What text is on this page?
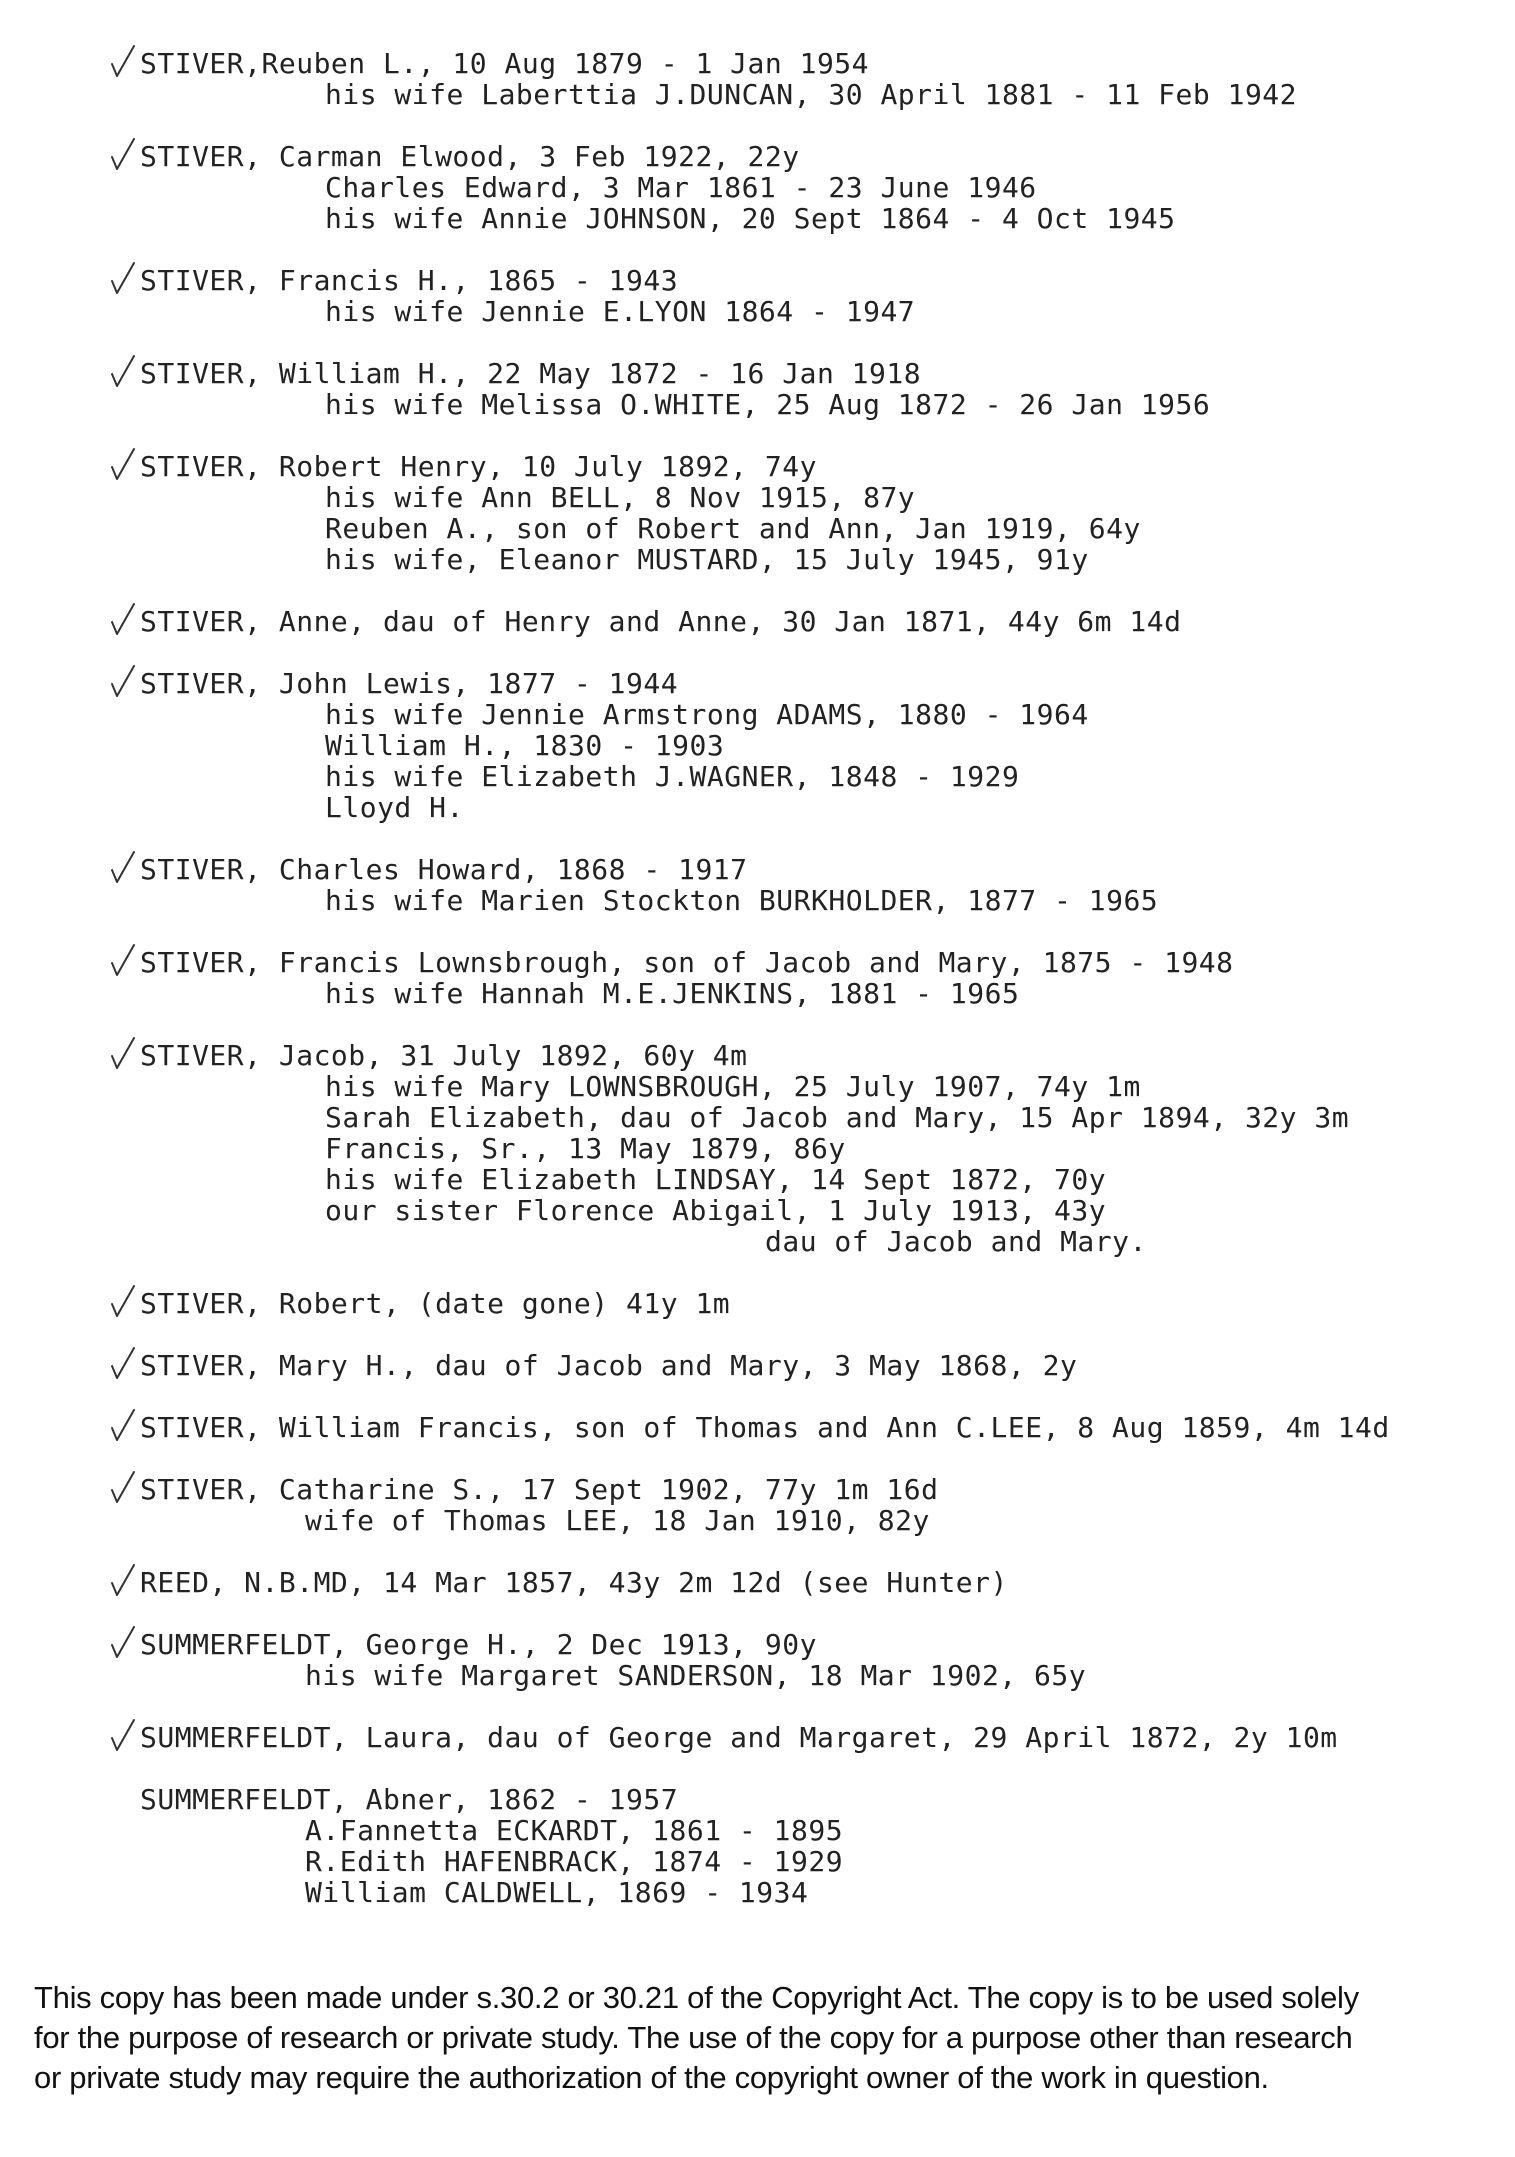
STIVER,Reuben L., 10 Aug 1879 - 1 Jan 1954
his wife Laberttia J.DUNCAN, 30 April 1881 - 11 Feb 1942
STIVER, Carman Elwood, 3 Feb 1922, 22y
Charles Edward, 3 Mar 1861 - 23 June 1946
his wife Annie JOHNSON, 20 Sept 1864 - 4 Oct 1945
STIVER, Francis H., 1865 - 1943
his wife Jennie E.LYON 1864 - 1947
STIVER, William H., 22 May 1872 - 16 Jan 1918
his wife Melissa O.WHITE, 25 Aug 1872 - 26 Jan 1956
STIVER, Robert Henry, 10 July 1892, 74y
his wife Ann BELL, 8 Nov 1915, 87y
Reuben A., son of Robert and Ann, Jan 1919, 64y
his wife, Eleanor MUSTARD, 15 July 1945, 91y
STIVER, Anne, dau of Henry and Anne, 30 Jan 1871, 44y 6m 14d
STIVER, John Lewis, 1877 - 1944
his wife Jennie Armstrong ADAMS, 1880 - 1964
William H., 1830 - 1903
his wife Elizabeth J.WAGNER, 1848 - 1929
Lloyd H.
STIVER, Charles Howard, 1868 - 1917
his wife Marien Stockton BURKHOLDER, 1877 - 1965
STIVER, Francis Lownsbrough, son of Jacob and Mary, 1875 - 1948
his wife Hannah M.E.JENKINS, 1881 - 1965
STIVER, Jacob, 31 July 1892, 60y 4m
his wife Mary LOWNSBROUGH, 25 July 1907, 74y 1m
Sarah Elizabeth, dau of Jacob and Mary, 15 Apr 1894, 32y 3m
Francis, Sr., 13 May 1879, 86y
his wife Elizabeth LINDSAY, 14 Sept 1872, 70y
our sister Florence Abigail, 1 July 1913, 43y
dau of Jacob and Mary.
STIVER, Robert, (date gone) 41y 1m
STIVER, Mary H., dau of Jacob and Mary, 3 May 1868, 2y
STIVER, William Francis, son of Thomas and Ann C.LEE, 8 Aug 1859, 4m 14d
STIVER, Catharine S., 17 Sept 1902, 77y 1m 16d
wife of Thomas LEE, 18 Jan 1910, 82y
REED, N.B.MD, 14 Mar 1857, 43y 2m 12d (see Hunter)
SUMMERFELDT, George H., 2 Dec 1913, 90y
his wife Margaret SANDERSON, 18 Mar 1902, 65y
SUMMERFELDT, Laura, dau of George and Margaret, 29 April 1872, 2y 10m
SUMMERFELDT, Abner, 1862 - 1957
A.Fannetta ECKARDT, 1861 - 1895
R.Edith HAFENBRACK, 1874 - 1929
William CALDWELL, 1869 - 1934
This copy has been made under s.30.2 or 30.21 of the Copyright Act. The copy is to be used solely
for the purpose of research or private study. The use of the copy for a purpose other than research
or private study may require the authorization of the copyright owner of the work in question.
